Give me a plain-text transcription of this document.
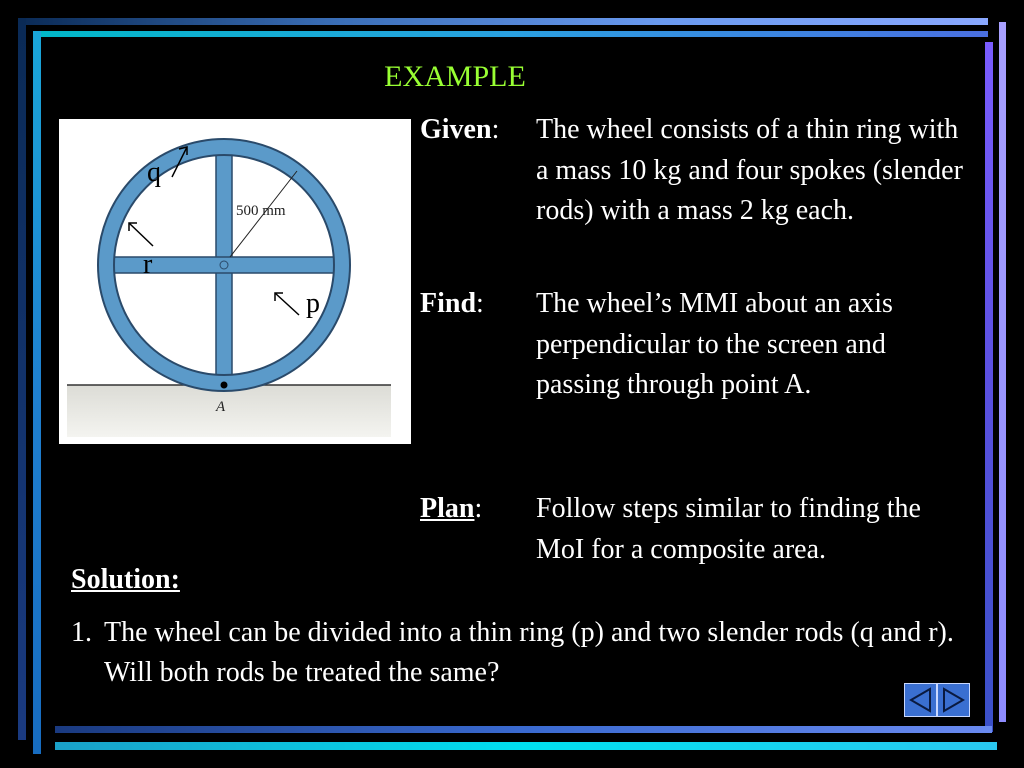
EXAMPLE
500 mm
A
q
r
p
Given: The wheel consists of a thin ring with a mass 10 kg and four spokes (slender rods) with a mass 2 kg each.
Find: The wheel’s MMI about an axis perpendicular to the screen and passing through point A.
Plan: Follow steps similar to finding the MoI for a composite area.
Solution:
1. The wheel can be divided into a thin ring (p) and two slender rods (q and r). Will both rods be treated the same?
